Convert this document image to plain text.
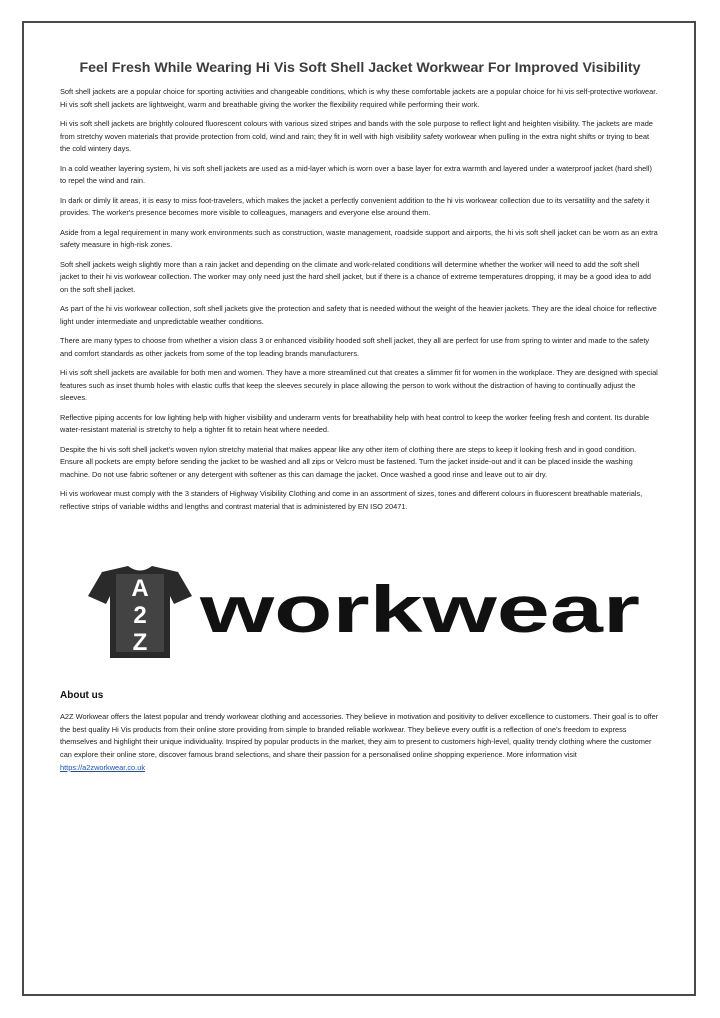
Feel Fresh While Wearing Hi Vis Soft Shell Jacket Workwear For Improved Visibility

Soft shell jackets are a popular choice for sporting activities and changeable conditions, which is why these comfortable jackets are a popular choice for hi vis self-protective workwear. Hi vis soft shell jackets are lightweight, warm and breathable giving the worker the flexibility required while performing their work.

Hi vis soft shell jackets are brightly coloured fluorescent colours with various sized stripes and bands with the sole purpose to reflect light and heighten visibility. The jackets are made from stretchy woven materials that provide protection from cold, wind and rain; they fit in well with high visibility safety workwear when pulling in the extra night shifts or trying to beat the cold wintery days.

In a cold weather layering system, hi vis soft shell jackets are used as a mid-layer which is worn over a base layer for extra warmth and layered under a waterproof jacket (hard shell) to repel the wind and rain.

In dark or dimly lit areas, it is easy to miss foot-travelers, which makes the jacket a perfectly convenient addition to the hi vis workwear collection due to its versatility and the safety it provides. The worker's presence becomes more visible to colleagues, managers and everyone else around them.

Aside from a legal requirement in many work environments such as construction, waste management, roadside support and airports, the hi vis soft shell jacket can be worn as an extra safety measure in high-risk zones.

Soft shell jackets weigh slightly more than a rain jacket and depending on the climate and work-related conditions will determine whether the worker will need to add the soft shell jacket to their hi vis workwear collection. The worker may only need just the hard shell jacket, but if there is a chance of extreme temperatures dropping, it may be a good idea to add on the soft shell jacket.

As part of the hi vis workwear collection, soft shell jackets give the protection and safety that is needed without the weight of the heavier jackets. They are the ideal choice for reflective light under intermediate and unpredictable weather conditions.

There are many types to choose from whether a vision class 3 or enhanced visibility hooded soft shell jacket, they all are perfect for use from spring to winter and made to the safety and comfort standards as other jackets from some of the top leading brands manufacturers.

Hi vis soft shell jackets are available for both men and women. They have a more streamlined cut that creates a slimmer fit for women in the workplace. They are designed with special features such as inset thumb holes with elastic cuffs that keep the sleeves securely in place allowing the person to work without the distraction of having to continually adjust the sleeves.

Reflective piping accents for low lighting help with higher visibility and underarm vents for breathability help with heat control to keep the worker feeling fresh and content. Its durable water-resistant material is stretchy to help a tighter fit to retain heat where needed.

Despite the hi vis soft shell jacket's woven nylon stretchy material that makes appear like any other item of clothing there are steps to keep it looking fresh and in good condition. Ensure all pockets are empty before sending the jacket to be washed and all zips or Velcro must be fastened. Turn the jacket inside-out and it can be placed inside the washing machine. Do not use fabric softener or any detergent with softener as this can damage the jacket. Once washed a good rinse and leave out to air dry.

Hi vis workwear must comply with the 3 standers of Highway Visibility Clothing and come in an assortment of sizes, tones and different colours in fluorescent breathable materials, reflective strips of variable widths and lengths and contrast material that is administered by EN ISO 20471.

A
2
Z workwear
About us

A2Z Workwear offers the latest popular and trendy workwear clothing and accessories. They believe in motivation and positivity to deliver excellence to customers. Their goal is to offer the best quality Hi Vis products from their online store providing from simple to branded reliable workwear. They believe every outfit is a reflection of one’s freedom to express themselves and highlight their unique individuality. Inspired by popular products in the market, they aim to present to customers high-level, quality trendy clothing where the customer can explore their online store, discover famous brand selections, and share their passion for a personalised online shopping experience. More information visit https://a2zworkwear.co.uk
